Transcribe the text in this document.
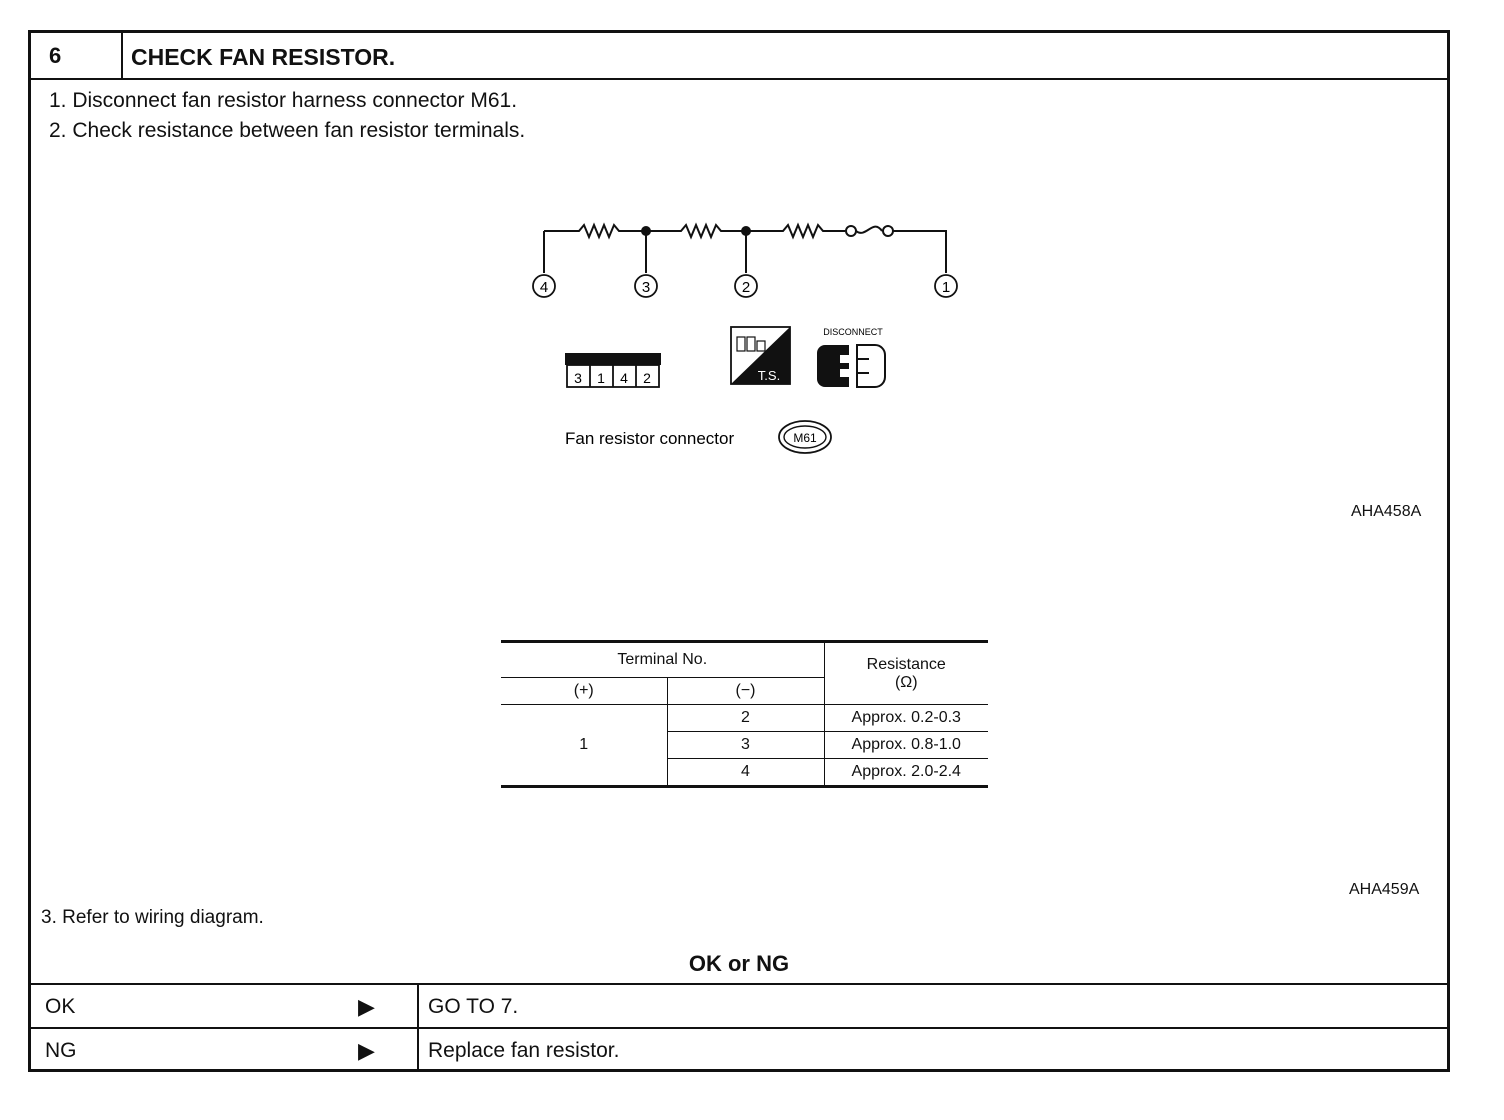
6	CHECK FAN RESISTOR.
1. Disconnect fan resistor harness connector M61.
2. Check resistance between fan resistor terminals.
4	3	2	1
3 1 4 2	T.S.
DISCONNECT
Fan resistor connector	M61
AHA458A
Terminal No.		Resistance
(Ω)

(+)	(−)	
1	2	Approx. 0.2-0.3
	3	Approx. 0.8-1.0
	4	Approx. 2.0-2.4
AHA459A
3. Refer to wiring diagram.
OK or NG
OK	▶	GO TO 7.
NG	▶	Replace fan resistor.
